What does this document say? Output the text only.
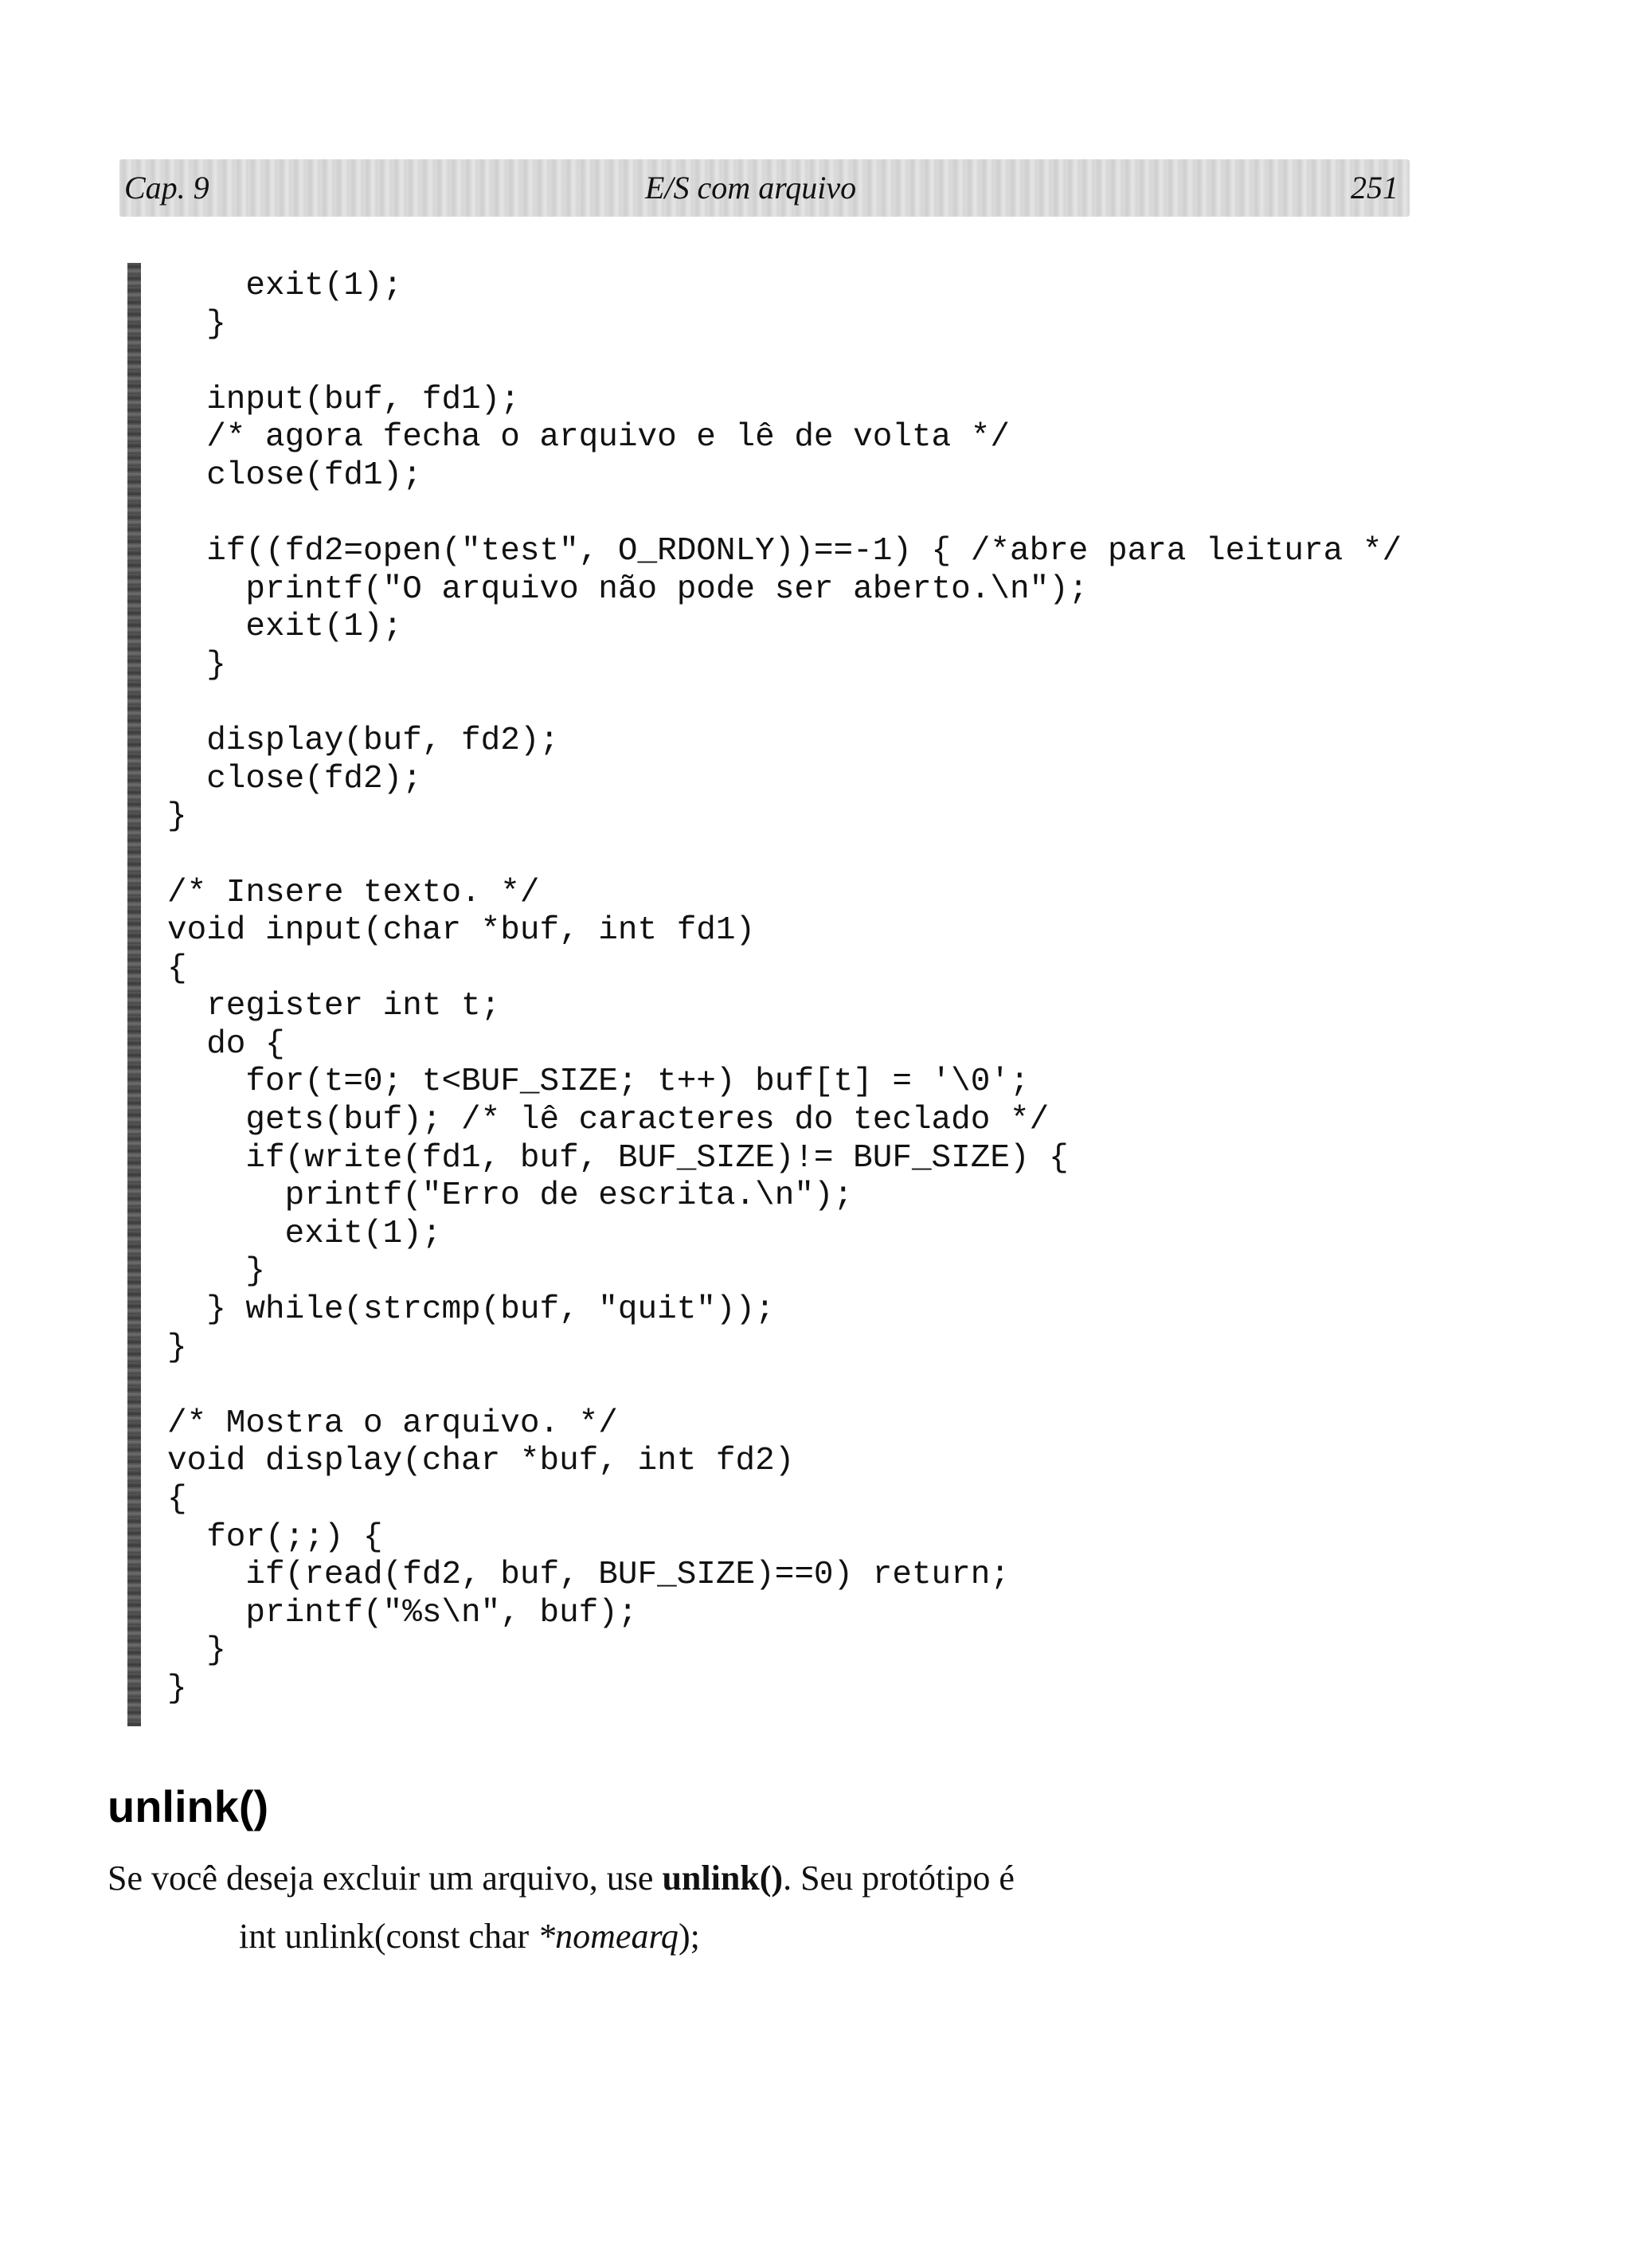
Cap. 9	E/S com arquivo	251
exit(1);
}
input(buf, fd1);
/* agora fecha o arquivo e lê de volta */
close(fd1);
if((fd2=open("test", O_RDONLY))==-1) { /*abre para leitura */
printf("O arquivo não pode ser aberto.\n");
exit(1);
}
display(buf, fd2);
close(fd2);
}
/* Insere texto. */
void input(char *buf, int fd1)
{
register int t;
do {
for(t=0; t<BUF_SIZE; t++) buf[t] = '\0';
gets(buf); /* lê caracteres do teclado */
if(write(fd1, buf, BUF_SIZE)!= BUF_SIZE) {
printf("Erro de escrita.\n");
exit(1);
}
} while(strcmp(buf, "quit"));
}
/* Mostra o arquivo. */
void display(char *buf, int fd2)
{
for(;;) {
if(read(fd2, buf, BUF_SIZE)==0) return;
printf("%s\n", buf);
}
}
unlink()

Se você deseja excluir um arquivo, use unlink(). Seu protótipo é

int unlink(const char *nomearq);
